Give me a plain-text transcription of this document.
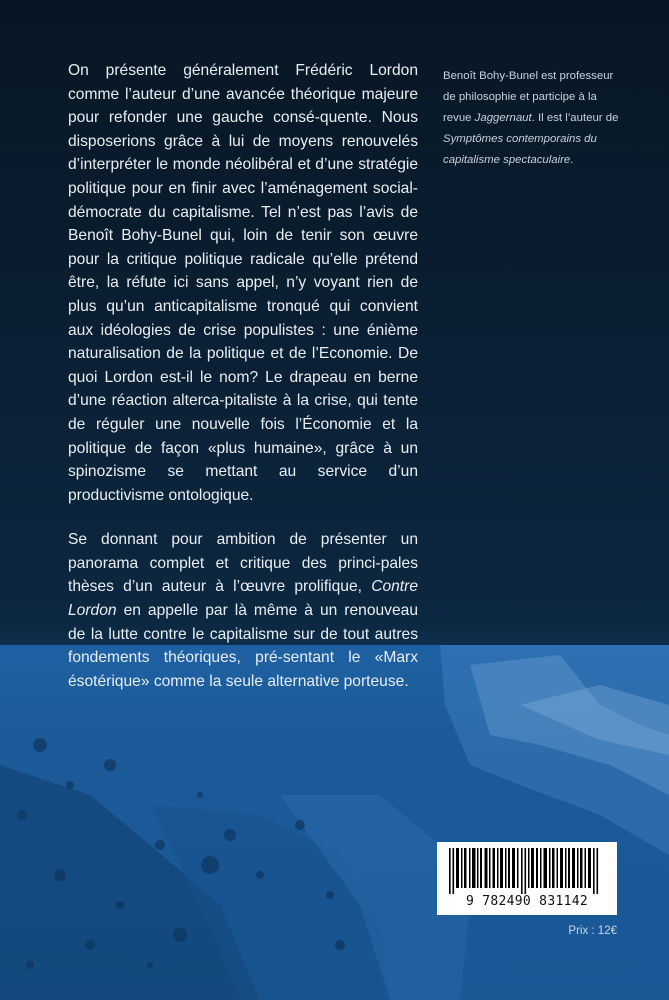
On présente généralement Frédéric Lordon comme l’auteur d’une avancée théorique majeure pour refonder une gauche consé-quente. Nous disposerions grâce à lui de moyens renouvelés d’interpréter le monde néolibéral et d’une stratégie politique pour en finir avec l’aménagement social-démocrate du capitalisme. Tel n’est pas l’avis de Benoît Bohy-Bunel qui, loin de tenir son œuvre pour la critique politique radicale qu’elle prétend être, la réfute ici sans appel, n’y voyant rien de plus qu’un anticapitalisme tronqué qui convient aux idéologies de crise populistes : une énième naturalisation de la politique et de l’Economie. De quoi Lordon est-il le nom? Le drapeau en berne d’une réaction alterca-pitaliste à la crise, qui tente de réguler une nouvelle fois l’Économie et la politique de façon «plus humaine», grâce à un spinozisme se mettant au service d’un productivisme ontologique.

Se donnant pour ambition de présenter un panorama complet et critique des princi-pales thèses d’un auteur à l’œuvre prolifique, Contre Lordon en appelle par là même à un renouveau de la lutte contre le capitalisme sur de tout autres fondements théoriques, pré-sentant le «Marx ésotérique» comme la seule alternative porteuse.

Benoît Bohy-Bunel est professeur de philosophie et participe à la revue Jaggernaut. Il est l’auteur de Symptômes contemporains du capitalisme spectaculaire.
9 782490 831142
Prix : 12€
